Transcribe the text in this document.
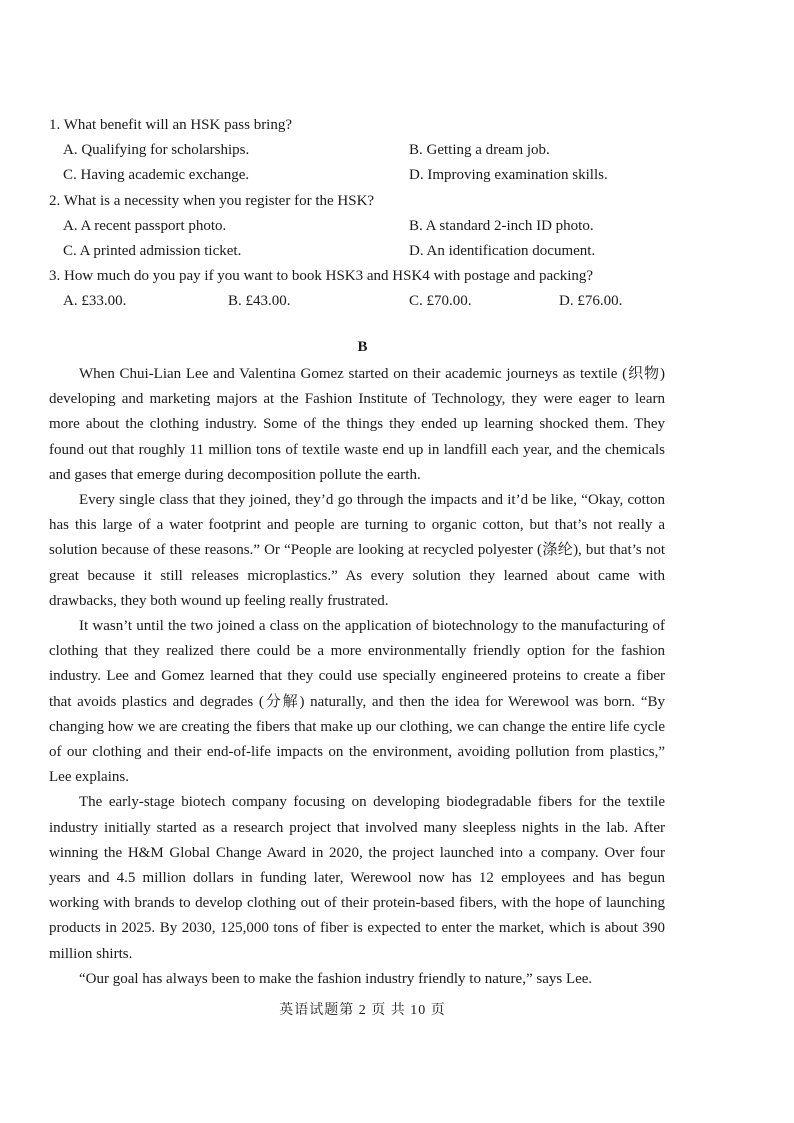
1. What benefit will an HSK pass bring?
A. Qualifying for scholarships.	B. Getting a dream job.
C. Having academic exchange.	D. Improving examination skills.
2. What is a necessity when you register for the HSK?
A. A recent passport photo.	B. A standard 2-inch ID photo.
C. A printed admission ticket.	D. An identification document.
3. How much do you pay if you want to book HSK3 and HSK4 with postage and packing?
A. £33.00.	B. £43.00.	C. £70.00.	D. £76.00.
B

When Chui-Lian Lee and Valentina Gomez started on their academic journeys as textile (织物) developing and marketing majors at the Fashion Institute of Technology, they were eager to learn more about the clothing industry. Some of the things they ended up learning shocked them. They found out that roughly 11 million tons of textile waste end up in landfill each year, and the chemicals and gases that emerge during decomposition pollute the earth.

Every single class that they joined, they’d go through the impacts and it’d be like, “Okay, cotton has this large of a water footprint and people are turning to organic cotton, but that’s not really a solution because of these reasons.” Or “People are looking at recycled polyester (涤纶), but that’s not great because it still releases microplastics.” As every solution they learned about came with drawbacks, they both wound up feeling really frustrated.

It wasn’t until the two joined a class on the application of biotechnology to the manufacturing of clothing that they realized there could be a more environmentally friendly option for the fashion industry. Lee and Gomez learned that they could use specially engineered proteins to create a fiber that avoids plastics and degrades (分解) naturally, and then the idea for Werewool was born. “By changing how we are creating the fibers that make up our clothing, we can change the entire life cycle of our clothing and their end-of-life impacts on the environment, avoiding pollution from plastics,” Lee explains.

The early-stage biotech company focusing on developing biodegradable fibers for the textile industry initially started as a research project that involved many sleepless nights in the lab. After winning the H&M Global Change Award in 2020, the project launched into a company. Over four years and 4.5 million dollars in funding later, Werewool now has 12 employees and has begun working with brands to develop clothing out of their protein-based fibers, with the hope of launching products in 2025. By 2030, 125,000 tons of fiber is expected to enter the market, which is about 390 million shirts.

“Our goal has always been to make the fashion industry friendly to nature,” says Lee.

英语试题第 2 页 共 10 页
